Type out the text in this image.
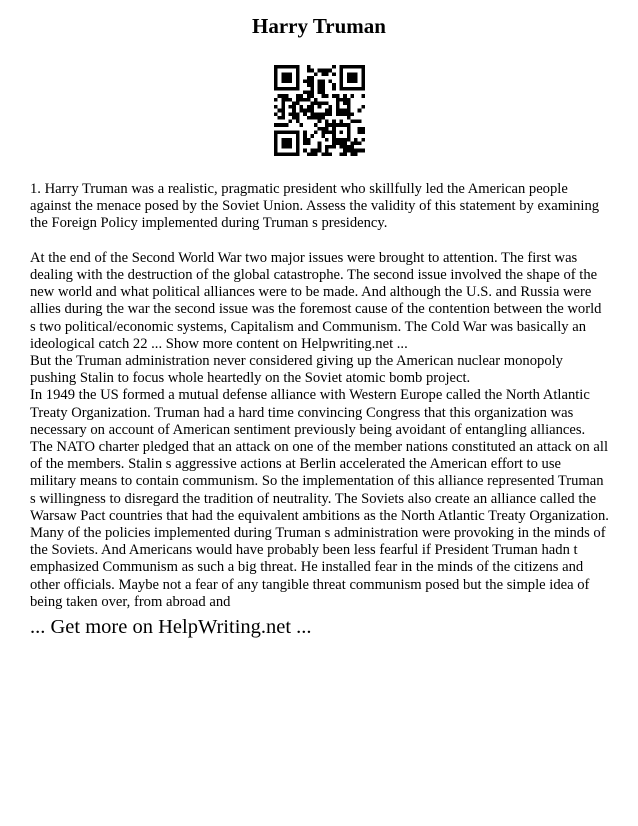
Harry Truman

1. Harry Truman was a realistic, pragmatic president who skillfully led the American people against the menace posed by the Soviet Union. Assess the validity of this statement by examining the Foreign Policy implemented during Truman s presidency.

At the end of the Second World War two major issues were brought to attention. The first was dealing with the destruction of the global catastrophe. The second issue involved the shape of the new world and what political alliances were to be made. And although the U.S. and Russia were allies during the war the second issue was the foremost cause of the contention between the world s two political/economic systems, Capitalism and Communism. The Cold War was basically an ideological catch 22 ... Show more content on Helpwriting.net ...

But the Truman administration never considered giving up the American nuclear monopoly pushing Stalin to focus whole heartedly on the Soviet atomic bomb project.

In 1949 the US formed a mutual defense alliance with Western Europe called the North Atlantic Treaty Organization. Truman had a hard time convincing Congress that this organization was necessary on account of American sentiment previously being avoidant of entangling alliances. The NATO charter pledged that an attack on one of the member nations constituted an attack on all of the members. Stalin s aggressive actions at Berlin accelerated the American effort to use military means to contain communism. So the implementation of this alliance represented Truman s willingness to disregard the tradition of neutrality. The Soviets also create an alliance called the Warsaw Pact countries that had the equivalent ambitions as the North Atlantic Treaty Organization.

Many of the policies implemented during Truman s administration were provoking in the minds of the Soviets. And Americans would have probably been less fearful if President Truman hadn t emphasized Communism as such a big threat. He installed fear in the minds of the citizens and other officials. Maybe not a fear of any tangible threat communism posed but the simple idea of being taken over, from abroad and

... Get more on HelpWriting.net ...
